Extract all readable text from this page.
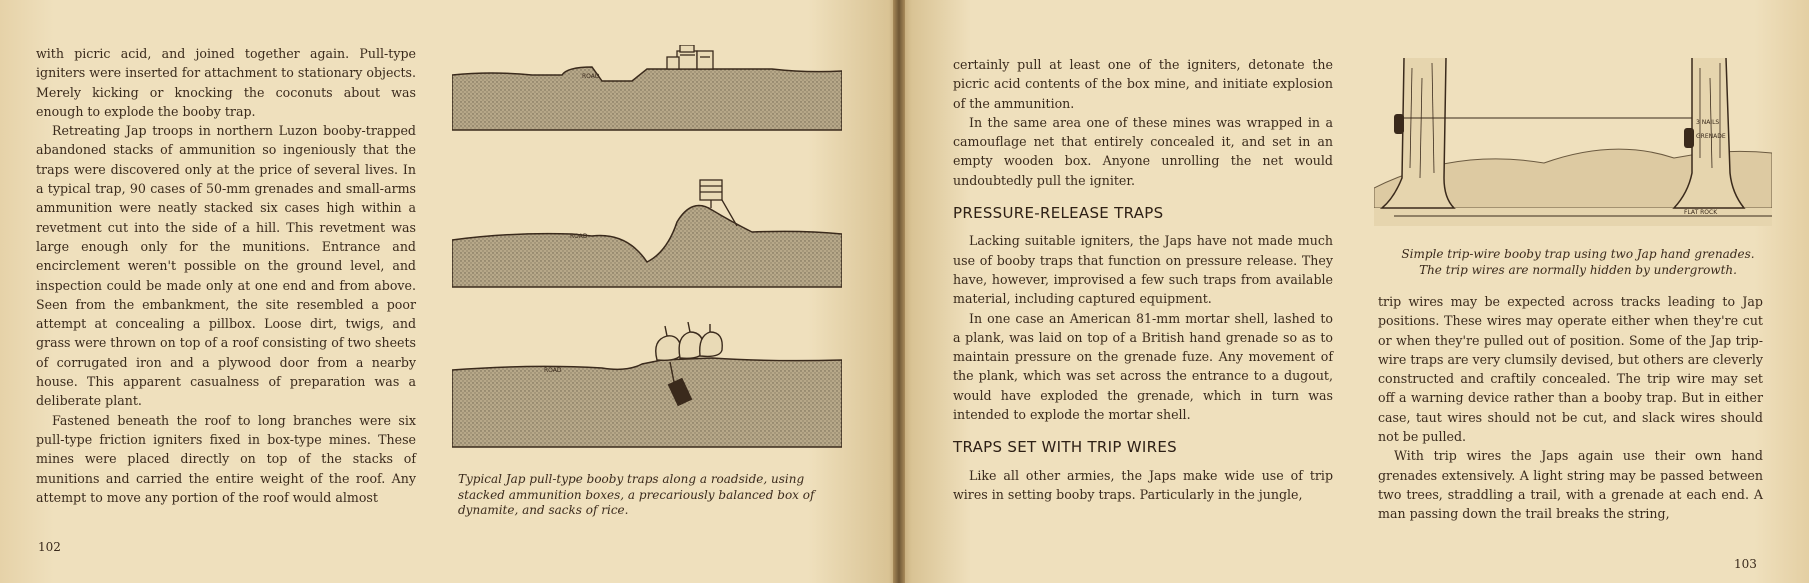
with picric acid, and joined together again. Pull-type igniters were inserted for attachment to stationary objects. Merely kicking or knocking the coconuts about was enough to explode the booby trap.

Retreating Jap troops in northern Luzon booby-trapped abandoned stacks of ammunition so ingeniously that the traps were discovered only at the price of several lives. In a typical trap, 90 cases of 50-mm grenades and small-arms ammunition were neatly stacked six cases high within a revetment cut into the side of a hill. This revetment was large enough only for the munitions. Entrance and encirclement weren't possible on the ground level, and inspection could be made only at one end and from above. Seen from the embankment, the site resembled a poor attempt at concealing a pillbox. Loose dirt, twigs, and grass were thrown on top of a roof consisting of two sheets of corrugated iron and a plywood door from a nearby house. This apparent casualness of preparation was a deliberate plant.

Fastened beneath the roof to long branches were six pull-type friction igniters fixed in box-type mines. These mines were placed directly on top of the stacks of munitions and carried the entire weight of the roof. Any attempt to move any portion of the roof would almost

102
ROAD
ROAD
ROAD
Typical Jap pull-type booby traps along a roadside, using stacked ammunition boxes, a precariously balanced box of dynamite, and sacks of rice.

certainly pull at least one of the igniters, detonate the picric acid contents of the box mine, and initiate explosion of the ammunition.

In the same area one of these mines was wrapped in a camouflage net that entirely concealed it, and set in an empty wooden box. Anyone unrolling the net would undoubtedly pull the igniter.

PRESSURE-RELEASE TRAPS

Lacking suitable igniters, the Japs have not made much use of booby traps that function on pressure release. They have, however, improvised a few such traps from available material, including captured equipment.

In one case an American 81-mm mortar shell, lashed to a plank, was laid on top of a British hand grenade so as to maintain pressure on the grenade fuze. Any movement of the plank, which was set across the entrance to a dugout, would have exploded the grenade, which in turn was intended to explode the mortar shell.

TRAPS SET WITH TRIP WIRES

Like all other armies, the Japs make wide use of trip wires in setting booby traps. Particularly in the jungle,

3 NAILS
GRENADE
FLAT ROCK
Simple trip-wire booby trap using two Jap hand grenades. The trip wires are normally hidden by undergrowth.

trip wires may be expected across tracks leading to Jap positions. These wires may operate either when they're cut or when they're pulled out of position. Some of the Jap trip-wire traps are very clumsily devised, but others are cleverly constructed and craftily concealed. The trip wire may set off a warning device rather than a booby trap. But in either case, taut wires should not be cut, and slack wires should not be pulled.

With trip wires the Japs again use their own hand grenades extensively. A light string may be passed between two trees, straddling a trail, with a grenade at each end. A man passing down the trail breaks the string,

103
